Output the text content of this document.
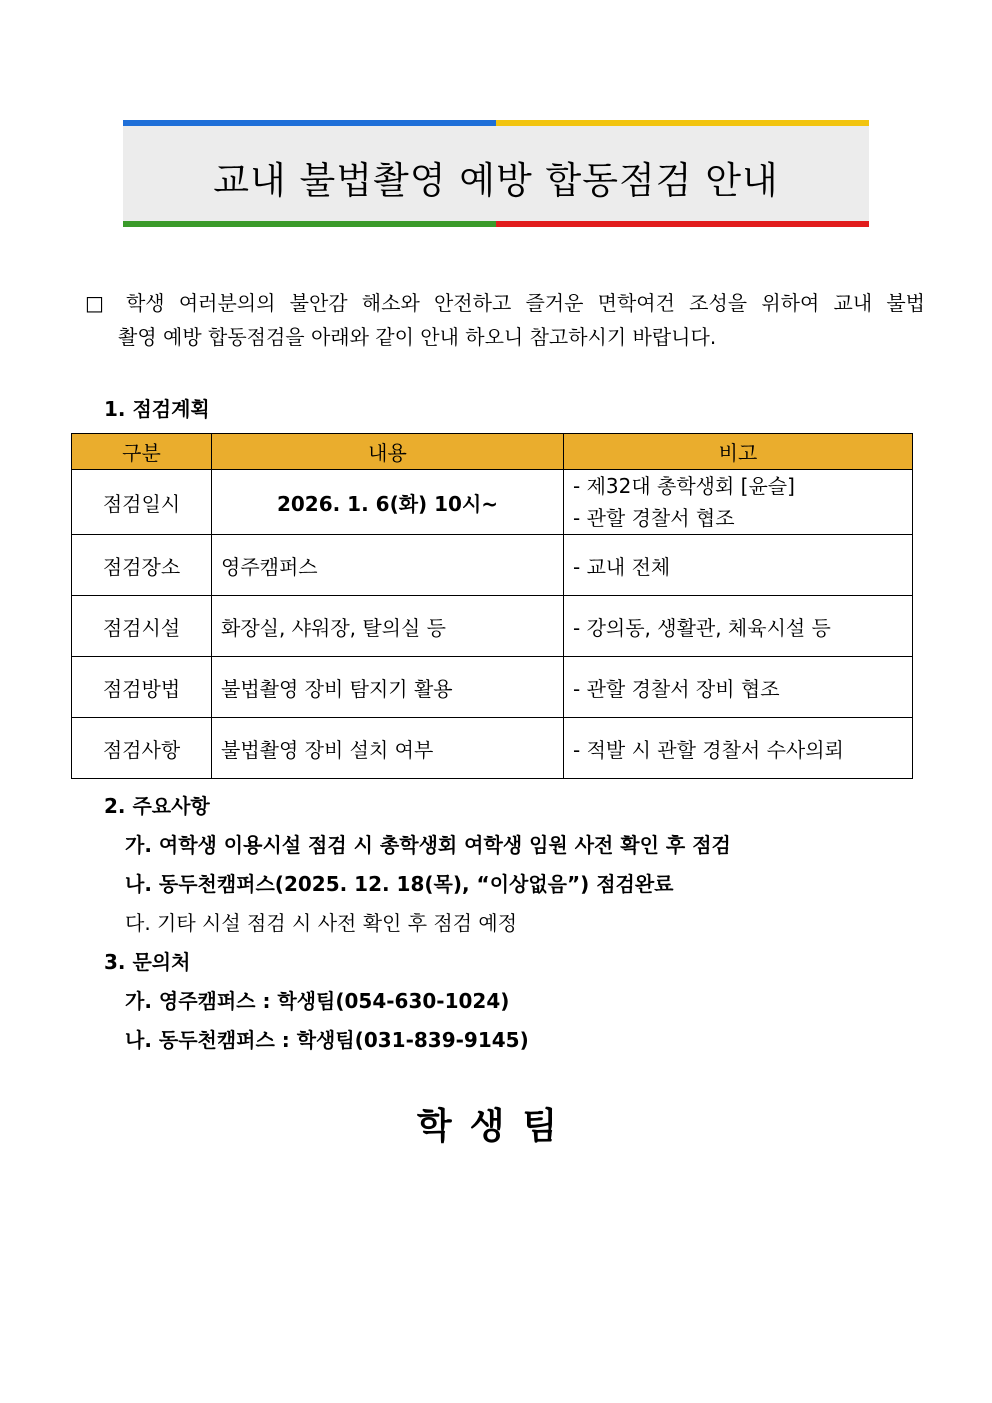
교내 불법촬영 예방 합동점검 안내
□ 학생 여러분의의 불안감 해소와 안전하고 즐거운 면학여건 조성을 위하여 교내 불법
촬영 예방 합동점검을 아래와 같이 안내 하오니 참고하시기 바랍니다.
1. 점검계획
구분	내용	비고
점검일시	2026. 1. 6(화) 10시~	- 제32대 총학생회 [윤슬]
- 관할 경찰서 협조

점검장소	영주캠퍼스	- 교내 전체
점검시설	화장실, 샤워장, 탈의실 등	- 강의동, 생활관, 체육시설 등
점검방법	불법촬영 장비 탐지기 활용	- 관할 경찰서 장비 협조
점검사항	불법촬영 장비 설치 여부	- 적발 시 관할 경찰서 수사의뢰
2. 주요사항
가. 여학생 이용시설 점검 시 총학생회 여학생 임원 사전 확인 후 점검
나. 동두천캠퍼스(2025. 12. 18(목), “이상없음”) 점검완료
다. 기타 시설 점검 시 사전 확인 후 점검 예정
3. 문의처
가. 영주캠퍼스 : 학생팀(054-630-1024)
나. 동두천캠퍼스 : 학생팀(031-839-9145)
학생팀
